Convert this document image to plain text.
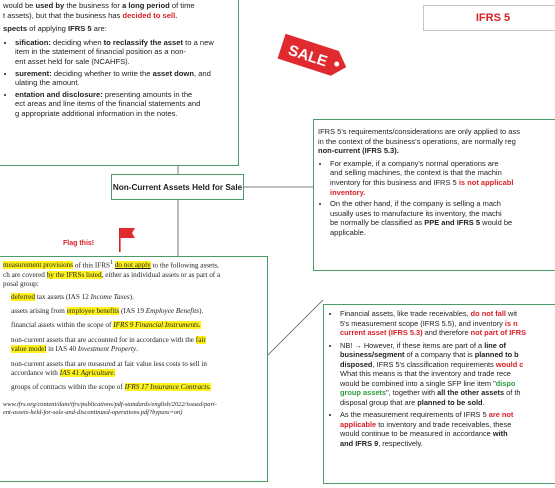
would be used by the business for a long period of time
t assets), but that the business has decided to sell.

spects of applying IFRS 5 are:

• sification: deciding when to reclassify the asset to a new
item in the statement of financial position as a non-
ent asset held for sale (NCAHFS).
• surement: deciding whether to write the asset down, and
ulating the amount.
• entation and disclosure: presenting amounts in the
ect areas and line items of the financial statements and
g appropriate additional information in the notes.
IFRS 5
SALE

IFRS 5's requirements/considerations are only applied to ass
in the context of the business's operations, are normally reg
non-current (IFRS 5.3).

• For example, if a company's normal operations are
and selling machines, the context is that the machin
inventory for this business and IFRS 5 is not applicabl
inventory.
• On the other hand, if the company is selling a mach
usually uses to manufacture its inventory, the machi
be normally be classified as PPE and IFRS 5 would be
applicable.
Non-Current Assets Held for Sale
Flag this!

measurement provisions of this IFRS$^1$ do not apply to the following assets,
ch are covered by the IFRSs listed, either as individual assets or as part of a
posal group:

deferred tax assets (IAS 12 Income Taxes).

assets arising from employee benefits (IAS 19 Employee Benefits).

financial assets within the scope of IFRS 9 Financial Instruments.

non-current assets that are accounted for in accordance with the fair
value model in IAS 40 Investment Property.

non-current assets that are measured at fair value less costs to sell in
accordance with IAS 41 Agriculture.

groups of contracts within the scope of IFRS 17 Insurance Contracts.

www.ifrs.org/content/dam/ifrs/publications/pdf-standards/english/2022/issued/part-
ent-assets-held-for-sale-and-discontinued-operations.pdf?bypass=on)

• Financial assets, like trade receivables, do not fall wit
5's measurement scope (IFRS 5.5), and inventory is n
current asset (IFRS 5.3) and therefore not part of IFRS
• NB! → However, if these items are part of a line of
business/segment of a company that is planned to b
disposed, IFRS 5's classification requirements would c
What this means is that the inventory and trade rece
would be combined into a single SFP line item "dispo
group assets", together with all the other assets of th
disposal group that are planned to be sold.
• As the measurement requirements of IFRS 5 are not
applicable to inventory and trade receivables, these
would continue to be measured in accordance with
and IFRS 9, respectively.
